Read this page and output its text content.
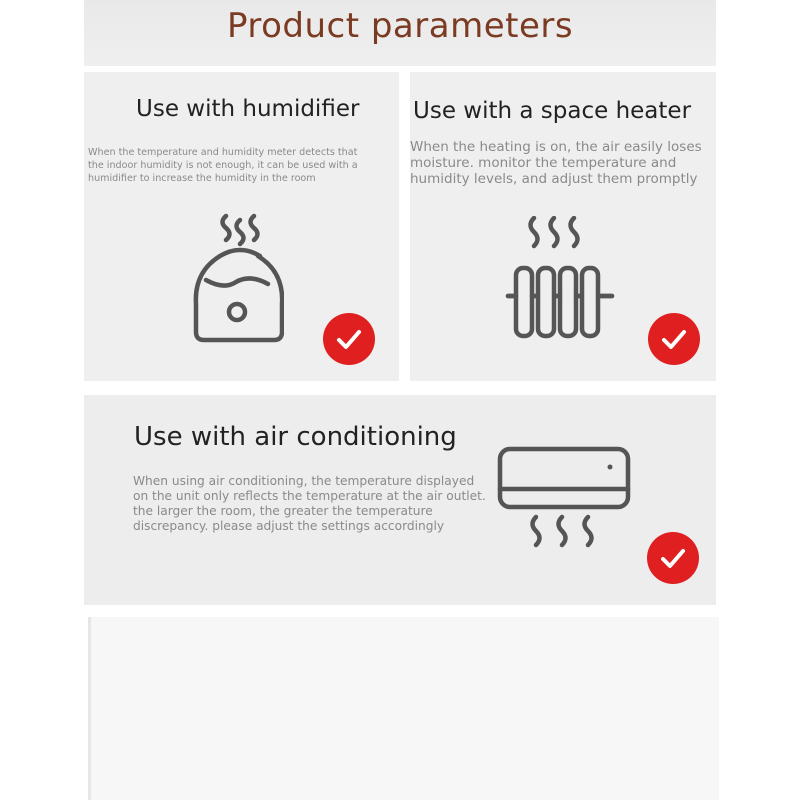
Product parameters
Use with humidifier
When the temperature and humidity meter detects that
the indoor humidity is not enough, it can be used with a
humidifier to increase the humidity in the room
Use with a space heater
When the heating is on, the air easily loses
moisture. monitor the temperature and
humidity levels, and adjust them promptly
Use with air conditioning
When using air conditioning, the temperature displayed
on the unit only reflects the temperature at the air outlet.
the larger the room, the greater the temperature
discrepancy. please adjust the settings accordingly
